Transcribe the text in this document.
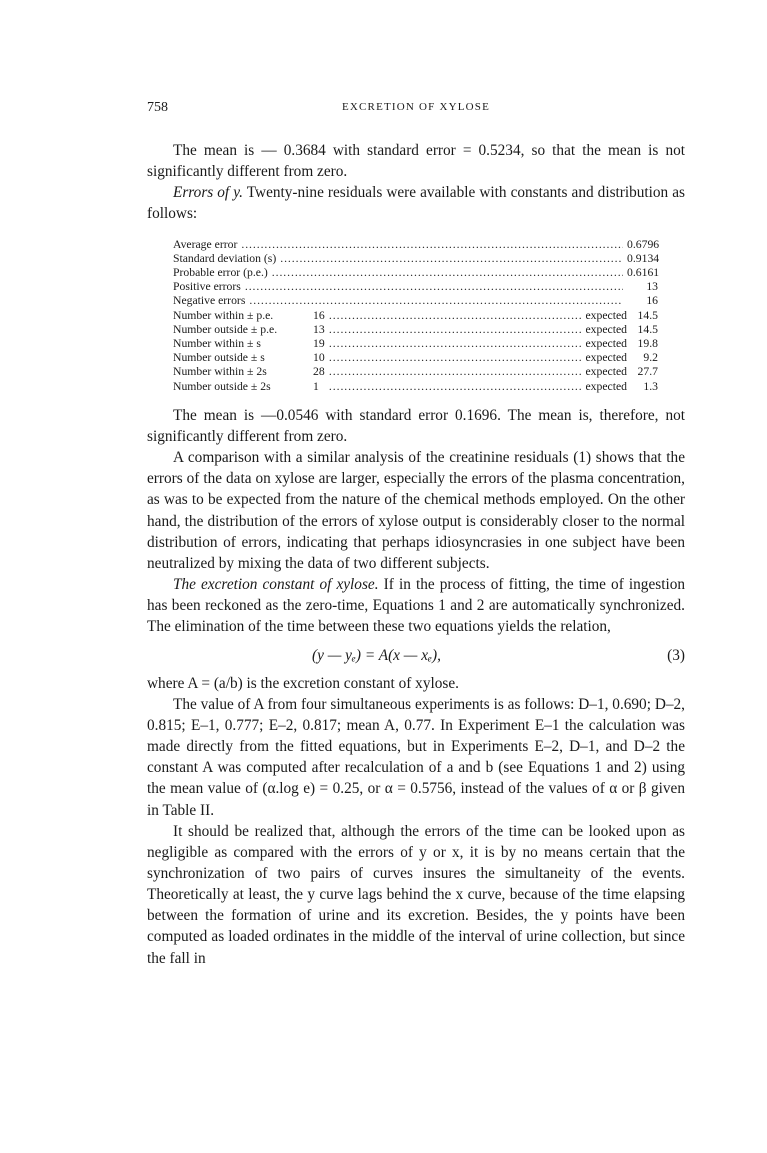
758	EXCRETION OF XYLOSE

The mean is — 0.3684 with standard error = 0.5234, so that the mean is not significantly different from zero.

Errors of y. Twenty-nine residuals were available with constants and distribution as follows:

Average error . . .	0.6796
Standard deviation (s) . . .	0.9134
Probable error (p.e.) . . .	0.6161
Positive errors . . .	13
Negative errors . . .	16
Number within ± p.e.	16 . . .	expected 14.5
Number outside ± p.e.	13 . . .	expected 14.5
Number within ± s	19 . . .	expected 19.8
Number outside ± s	10 . . .	expected	9.2
Number within ± 2s	28 . . .	expected 27.7
Number outside ± 2s	1 . . .	expected	1.3

The mean is —0.0546 with standard error 0.1696. The mean is, therefore, not significantly different from zero.

A comparison with a similar analysis of the creatinine residuals (1) shows that the errors of the data on xylose are larger, especially the errors of the plasma concentration, as was to be expected from the nature of the chemical methods employed. On the other hand, the distribution of the errors of xylose output is considerably closer to the normal distribution of errors, indicating that perhaps idiosyncrasies in one subject have been neutralized by mixing the data of two different subjects.

The excretion constant of xylose. If in the process of fitting, the time of ingestion has been reckoned as the zero-time, Equations 1 and 2 are automatically synchronized. The elimination of the time between these two equations yields the relation,

(y — yₑ) = A(x — xₑ),	(3)

where A = (a/b) is the excretion constant of xylose.

The value of A from four simultaneous experiments is as follows: D–1, 0.690; D–2, 0.815; E–1, 0.777; E–2, 0.817; mean A, 0.77. In Experiment E–1 the calculation was made directly from the fitted equations, but in Experiments E–2, D–1, and D–2 the constant A was computed after recalculation of a and b (see Equations 1 and 2) using the mean value of (α.log e) = 0.25, or α = 0.5756, instead of the values of α or β given in Table II.

It should be realized that, although the errors of the time can be looked upon as negligible as compared with the errors of y or x, it is by no means certain that the synchronization of two pairs of curves insures the simultaneity of the events. Theoretically at least, the y curve lags behind the x curve, because of the time elapsing between the formation of urine and its excretion. Besides, the y points have been computed as loaded ordinates in the middle of the interval of urine collection, but since the fall in
